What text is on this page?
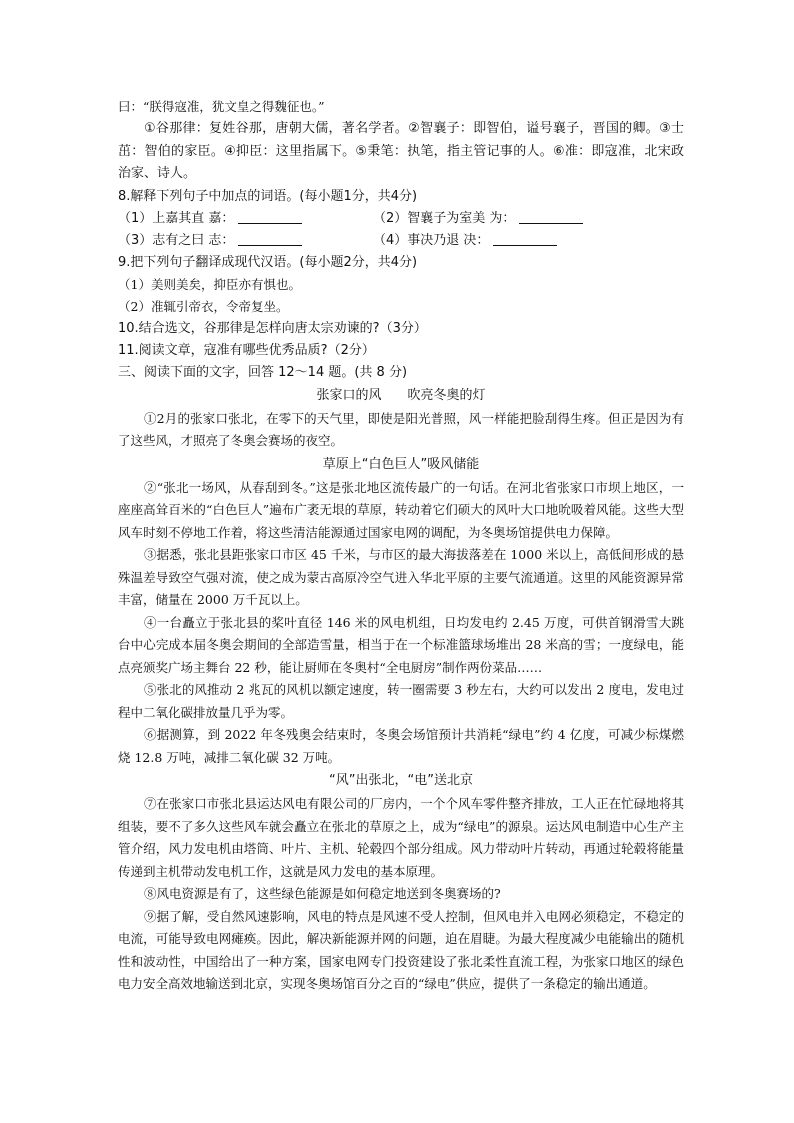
曰：“朕得寇准，犹文皇之得魏征也。”

①谷那律：复姓谷那，唐朝大儒，著名学者。②智襄子：即智伯，谥号襄子，晋国的卿。③士茁：智伯的家臣。④抑臣：这里指属下。⑤秉笔：执笔，指主管记事的人。⑥准：即寇准，北宋政治家、诗人。

8.解释下列句子中加点的词语。(每小题1分，共4分)

（1）上嘉其直 嘉：	（2）智襄子为室美 为：
（3）志有之曰 志：	（4）事决乃退 决：

9.把下列句子翻译成现代汉语。(每小题2分，共4分)

（1）美则美矣，抑臣亦有惧也。

（2）准辄引帝衣，令帝复坐。

10.结合选文，谷那律是怎样向唐太宗劝谏的?（3分）

11.阅读文章，寇准有哪些优秀品质?（2分）

三、阅读下面的文字，回答 12～14 题。(共 8 分)

张家口的风　　吹亮冬奥的灯

①2月的张家口张北，在零下的天气里，即使是阳光普照，风一样能把脸刮得生疼。但正是因为有了这些风，才照亮了冬奥会赛场的夜空。

草原上“白色巨人”吸风储能

②“张北一场风，从春刮到冬。”这是张北地区流传最广的一句话。在河北省张家口市坝上地区，一座座高耸百米的“白色巨人”遍布广袤无垠的草原，转动着它们硕大的风叶大口地吮吸着风能。这些大型风车时刻不停地工作着，将这些清洁能源通过国家电网的调配，为冬奥场馆提供电力保障。

③据悉，张北县距张家口市区 45 千米，与市区的最大海拔落差在 1000 米以上，高低间形成的悬殊温差导致空气强对流，使之成为蒙古高原冷空气进入华北平原的主要气流通道。这里的风能资源异常丰富，储量在 2000 万千瓦以上。

④一台矗立于张北县的桨叶直径 146 米的风电机组，日均发电约 2.45 万度，可供首钢滑雪大跳台中心完成本届冬奥会期间的全部造雪量，相当于在一个标准篮球场堆出 28 米高的雪；一度绿电，能点亮颁奖广场主舞台 22 秒，能让厨师在冬奥村“全电厨房”制作两份菜品……

⑤张北的风推动 2 兆瓦的风机以额定速度，转一圈需要 3 秒左右，大约可以发出 2 度电，发电过程中二氧化碳排放量几乎为零。

⑥据测算，到 2022 年冬残奥会结束时，冬奥会场馆预计共消耗“绿电”约 4 亿度，可减少标煤燃烧 12.8 万吨，减排二氧化碳 32 万吨。

“风”出张北，“电”送北京

⑦在张家口市张北县运达风电有限公司的厂房内，一个个风车零件整齐排放，工人正在忙碌地将其组装，要不了多久这些风车就会矗立在张北的草原之上，成为“绿电”的源泉。运达风电制造中心生产主管介绍，风力发电机由塔筒、叶片、主机、轮毂四个部分组成。风力带动叶片转动，再通过轮毂将能量传递到主机带动发电机工作，这就是风力发电的基本原理。

⑧风电资源是有了，这些绿色能源是如何稳定地送到冬奥赛场的?

⑨据了解，受自然风速影响，风电的特点是风速不受人控制，但风电并入电网必须稳定，不稳定的电流，可能导致电网瘫痪。因此，解决新能源并网的问题，迫在眉睫。为最大程度减少电能输出的随机性和波动性，中国给出了一种方案，国家电网专门投资建设了张北柔性直流工程，为张家口地区的绿色电力安全高效地输送到北京，实现冬奥场馆百分之百的“绿电”供应，提供了一条稳定的输出通道。
